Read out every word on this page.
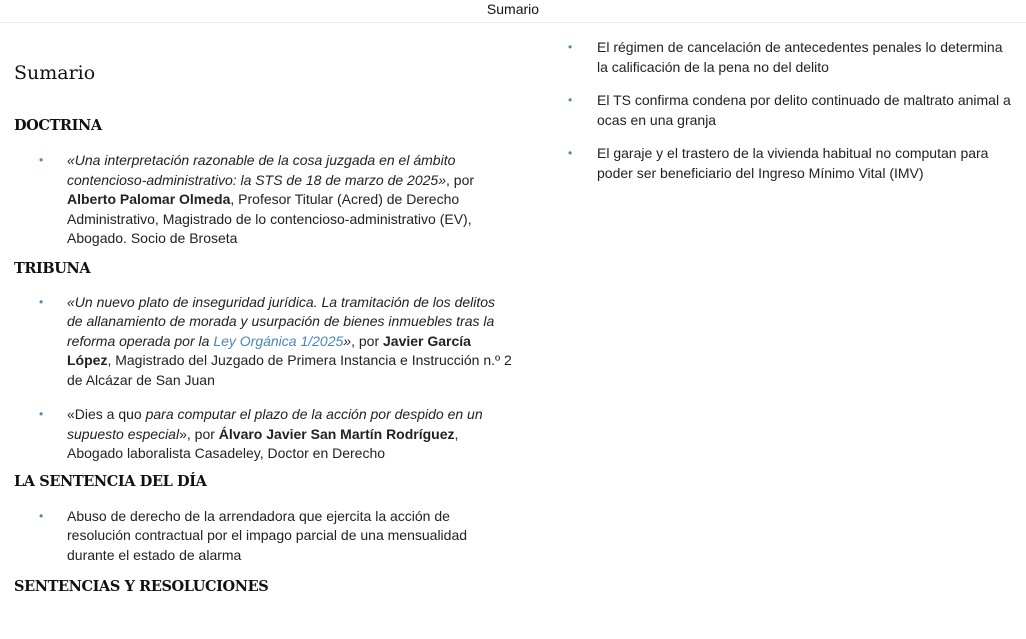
Sumario
Sumario
DOCTRINA
• «Una interpretación razonable de la cosa juzgada en el ámbito contencioso-administrativo: la STS de 18 de marzo de 2025», por Alberto Palomar Olmeda, Profesor Titular (Acred) de Derecho Administrativo, Magistrado de lo contencioso-administrativo (EV), Abogado. Socio de Broseta
TRIBUNA
• «Un nuevo plato de inseguridad jurídica. La tramitación de los delitos de allanamiento de morada y usurpación de bienes inmuebles tras la reforma operada por la Ley Orgánica 1/2025», por Javier García López, Magistrado del Juzgado de Primera Instancia e Instrucción n.º 2 de Alcázar de San Juan
• «Dies a quo para computar el plazo de la acción por despido en un supuesto especial», por Álvaro Javier San Martín Rodríguez, Abogado laboralista Casadeley, Doctor en Derecho
LA SENTENCIA DEL DÍA
• Abuso de derecho de la arrendadora que ejercita la acción de resolución contractual por el impago parcial de una mensualidad durante el estado de alarma
SENTENCIAS Y RESOLUCIONES
• El régimen de cancelación de antecedentes penales lo determina la calificación de la pena no del delito
• El TS confirma condena por delito continuado de maltrato animal a ocas en una granja
• El garaje y el trastero de la vivienda habitual no computan para poder ser beneficiario del Ingreso Mínimo Vital (IMV)
